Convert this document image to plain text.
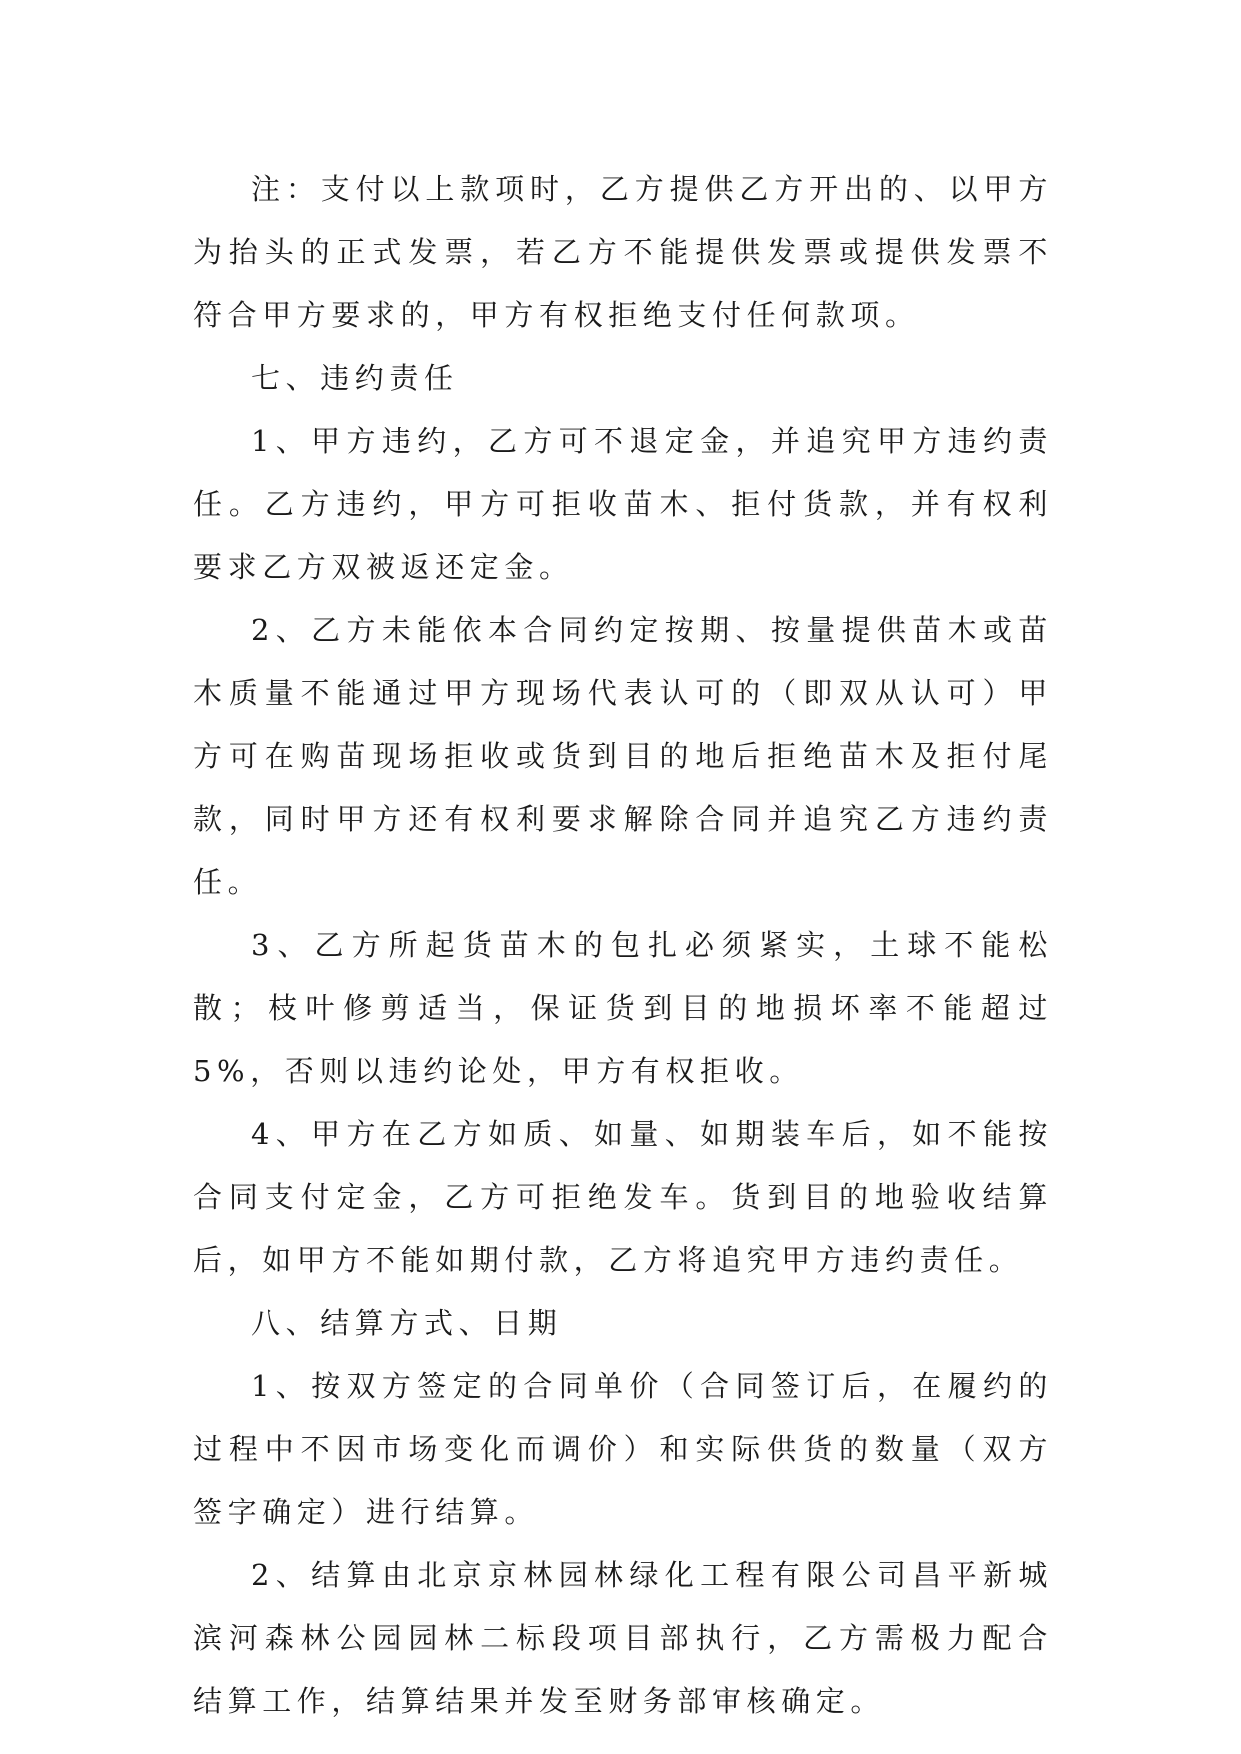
注：支付以上款项时，乙方提供乙方开出的、以甲方为抬头的正式发票，若乙方不能提供发票或提供发票不符合甲方要求的，甲方有权拒绝支付任何款项。

七、违约责任

1、甲方违约，乙方可不退定金，并追究甲方违约责任。乙方违约，甲方可拒收苗木、拒付货款，并有权利要求乙方双被返还定金。

2、乙方未能依本合同约定按期、按量提供苗木或苗木质量不能通过甲方现场代表认可的（即双从认可）甲方可在购苗现场拒收或货到目的地后拒绝苗木及拒付尾款，同时甲方还有权利要求解除合同并追究乙方违约责任。

3、乙方所起货苗木的包扎必须紧实，土球不能松散；枝叶修剪适当，保证货到目的地损坏率不能超过5%，否则以违约论处，甲方有权拒收。

4、甲方在乙方如质、如量、如期装车后，如不能按合同支付定金，乙方可拒绝发车。货到目的地验收结算后，如甲方不能如期付款，乙方将追究甲方违约责任。

八、结算方式、日期

1、按双方签定的合同单价（合同签订后，在履约的过程中不因市场变化而调价）和实际供货的数量（双方签字确定）进行结算。

2、结算由北京京林园林绿化工程有限公司昌平新城滨河森林公园园林二标段项目部执行，乙方需极力配合结算工作，结算结果并发至财务部审核确定。
